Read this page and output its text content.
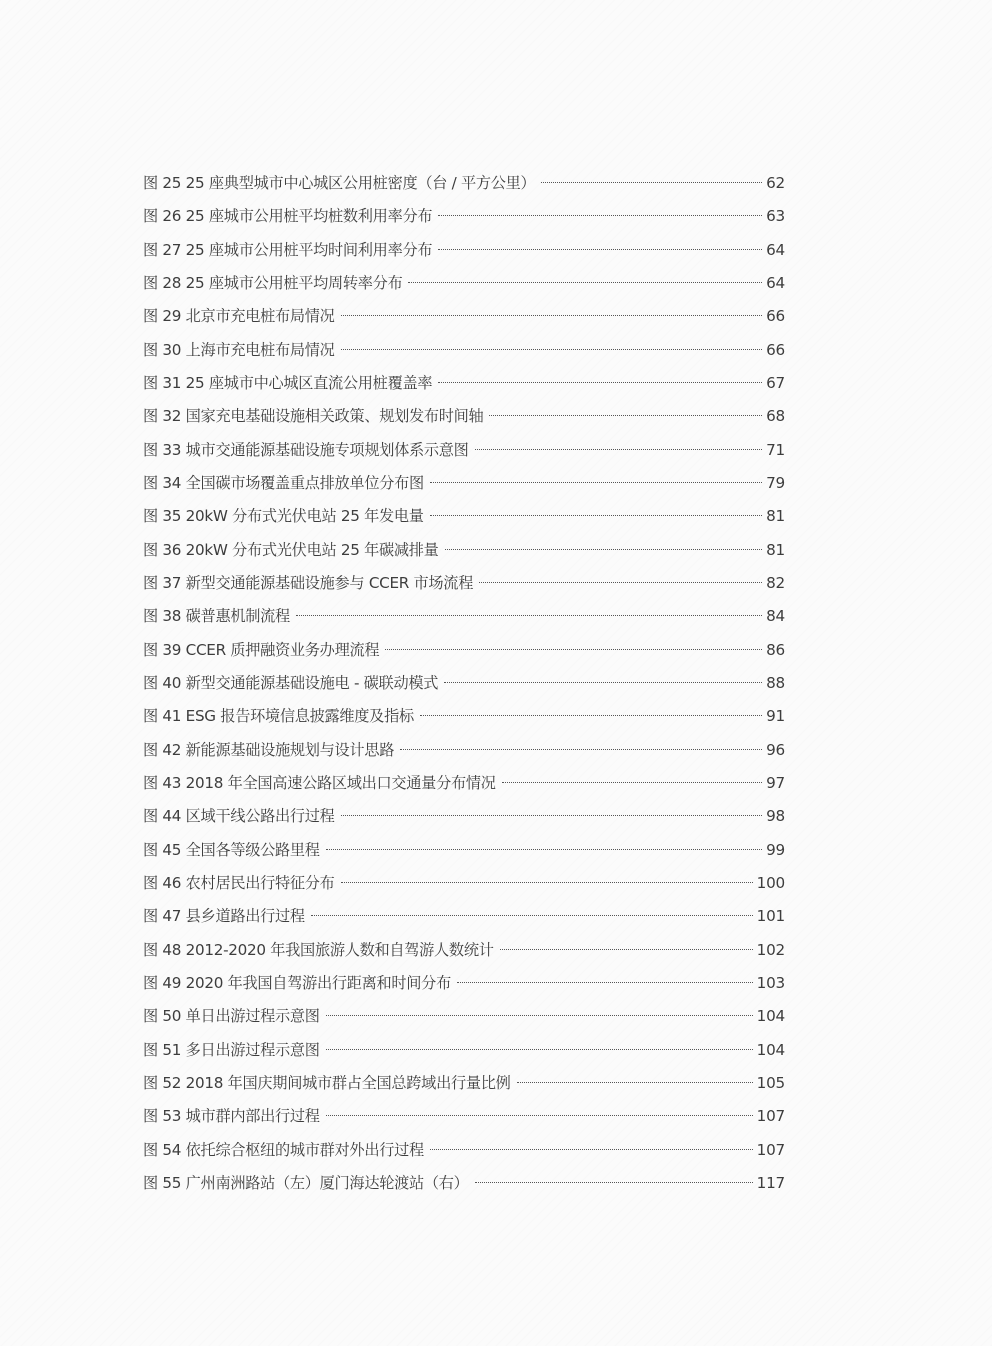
图 25 25 座典型城市中心城区公用桩密度（台 / 平方公里）	62
图 26 25 座城市公用桩平均桩数利用率分布	63
图 27 25 座城市公用桩平均时间利用率分布	64
图 28 25 座城市公用桩平均周转率分布	64
图 29 北京市充电桩布局情况	66
图 30 上海市充电桩布局情况	66
图 31 25 座城市中心城区直流公用桩覆盖率	67
图 32 国家充电基础设施相关政策、规划发布时间轴	68
图 33 城市交通能源基础设施专项规划体系示意图	71
图 34 全国碳市场覆盖重点排放单位分布图	79
图 35 20kW 分布式光伏电站 25 年发电量	81
图 36 20kW 分布式光伏电站 25 年碳减排量	81
图 37 新型交通能源基础设施参与 CCER 市场流程	82
图 38 碳普惠机制流程	84
图 39 CCER 质押融资业务办理流程	86
图 40 新型交通能源基础设施电 - 碳联动模式	88
图 41 ESG 报告环境信息披露维度及指标	91
图 42 新能源基础设施规划与设计思路	96
图 43 2018 年全国高速公路区域出口交通量分布情况	97
图 44 区域干线公路出行过程	98
图 45 全国各等级公路里程	99
图 46 农村居民出行特征分布	100
图 47 县乡道路出行过程	101
图 48 2012-2020 年我国旅游人数和自驾游人数统计	102
图 49 2020 年我国自驾游出行距离和时间分布	103
图 50 单日出游过程示意图	104
图 51 多日出游过程示意图	104
图 52 2018 年国庆期间城市群占全国总跨域出行量比例	105
图 53 城市群内部出行过程	107
图 54 依托综合枢纽的城市群对外出行过程	107
图 55 广州南洲路站（左）厦门海达轮渡站（右）	117
